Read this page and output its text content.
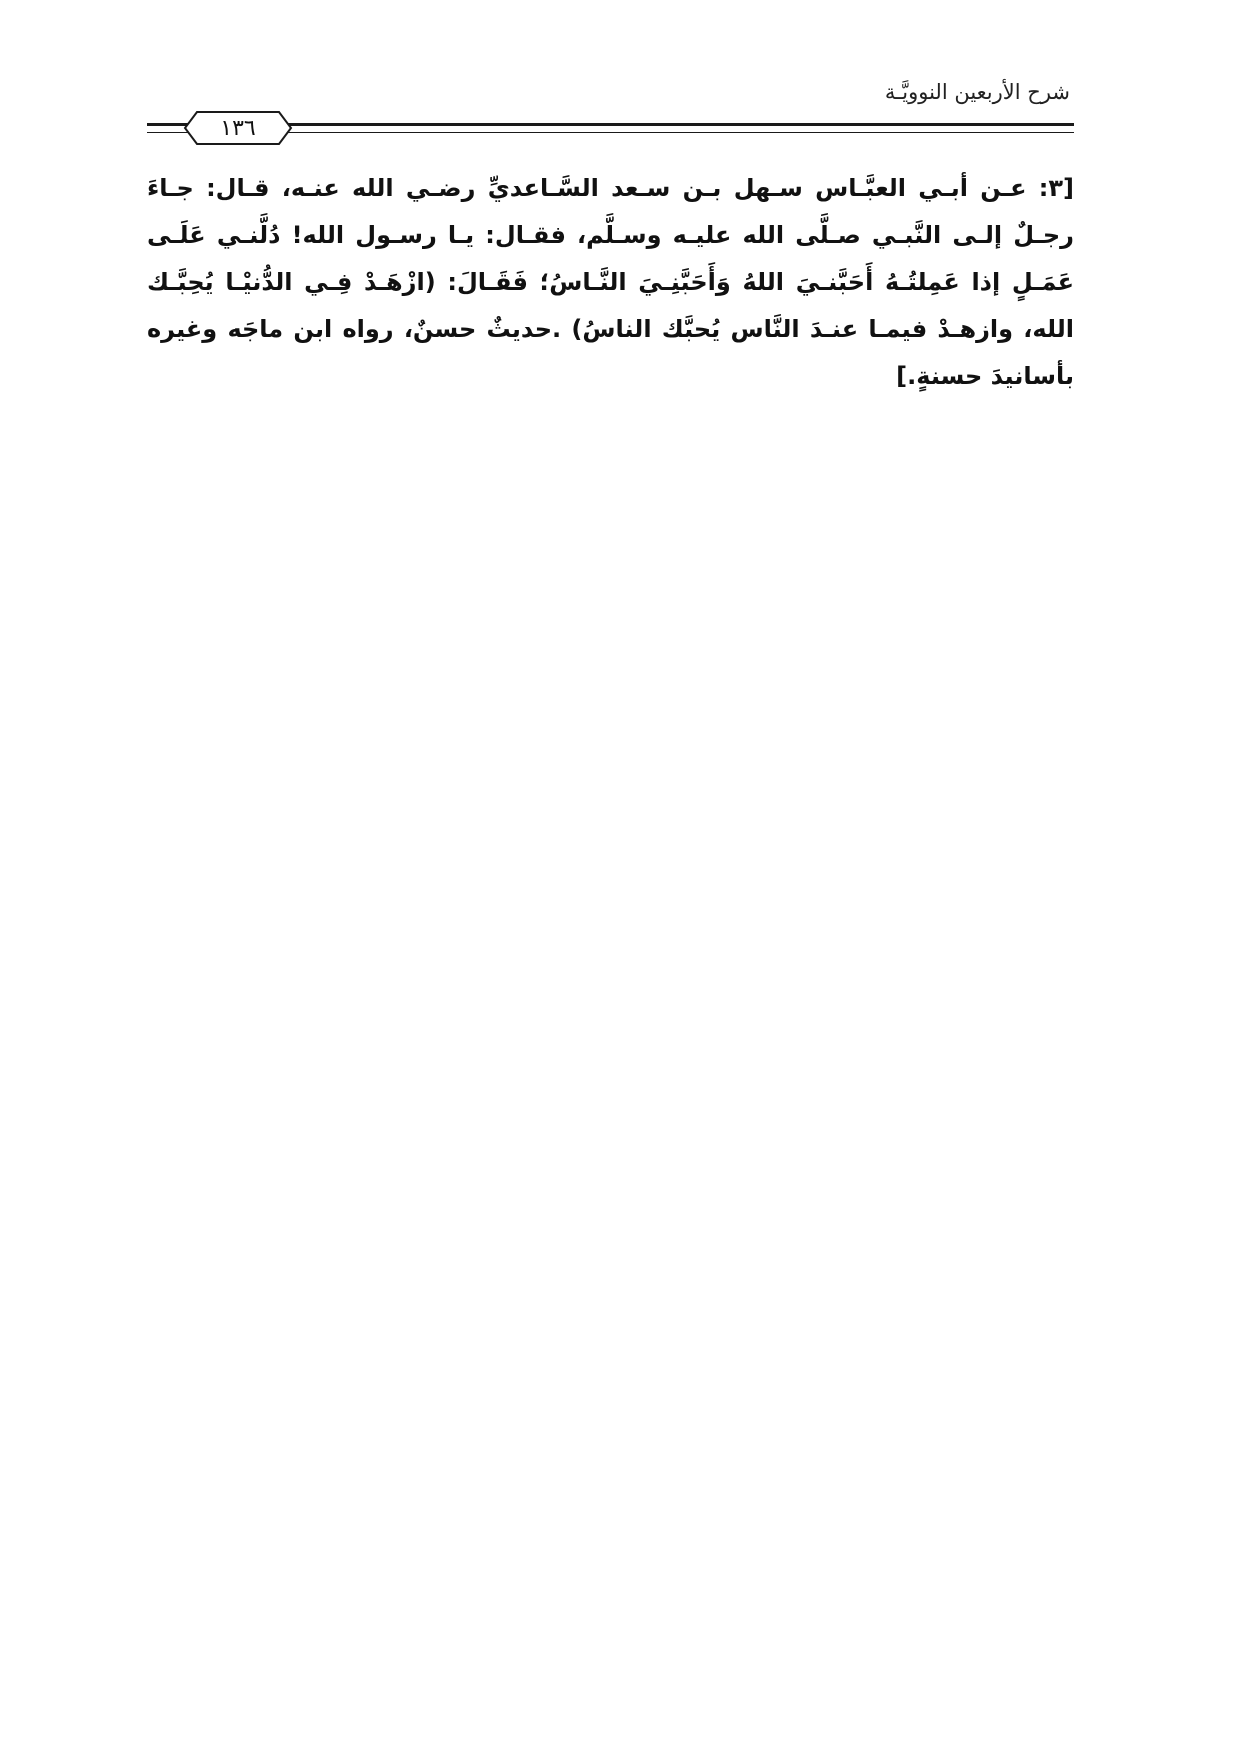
شرح الأربعين النوويَّـة
١٣٦

[٣: عـن أبـي العبَّـاس سـهل بـن سـعد السَّـاعديِّ رضـي الله عنـه، قـال: جـاءَ رجـلٌ إلـى النَّبـي صـلَّى الله عليـه وسـلَّم، فقـال: يـا رسـول الله! دُلَّنـي عَلَـى عَمَـلٍ إذا عَمِلتُـهُ أَحَبَّنـيَ اللهُ وَأَحَبَّنِـيَ النَّـاسُ؛ فَقَـالَ: (ازْهَـدْ فِـي الدُّنيْـا يُحِبَّـك الله، وازهـدْ فيمـا عنـدَ النَّاس يُحبَّك الناسُ) .حديثٌ حسنٌ، رواه ابن ماجَه وغيره بأسانيدَ حسنةٍ.]
